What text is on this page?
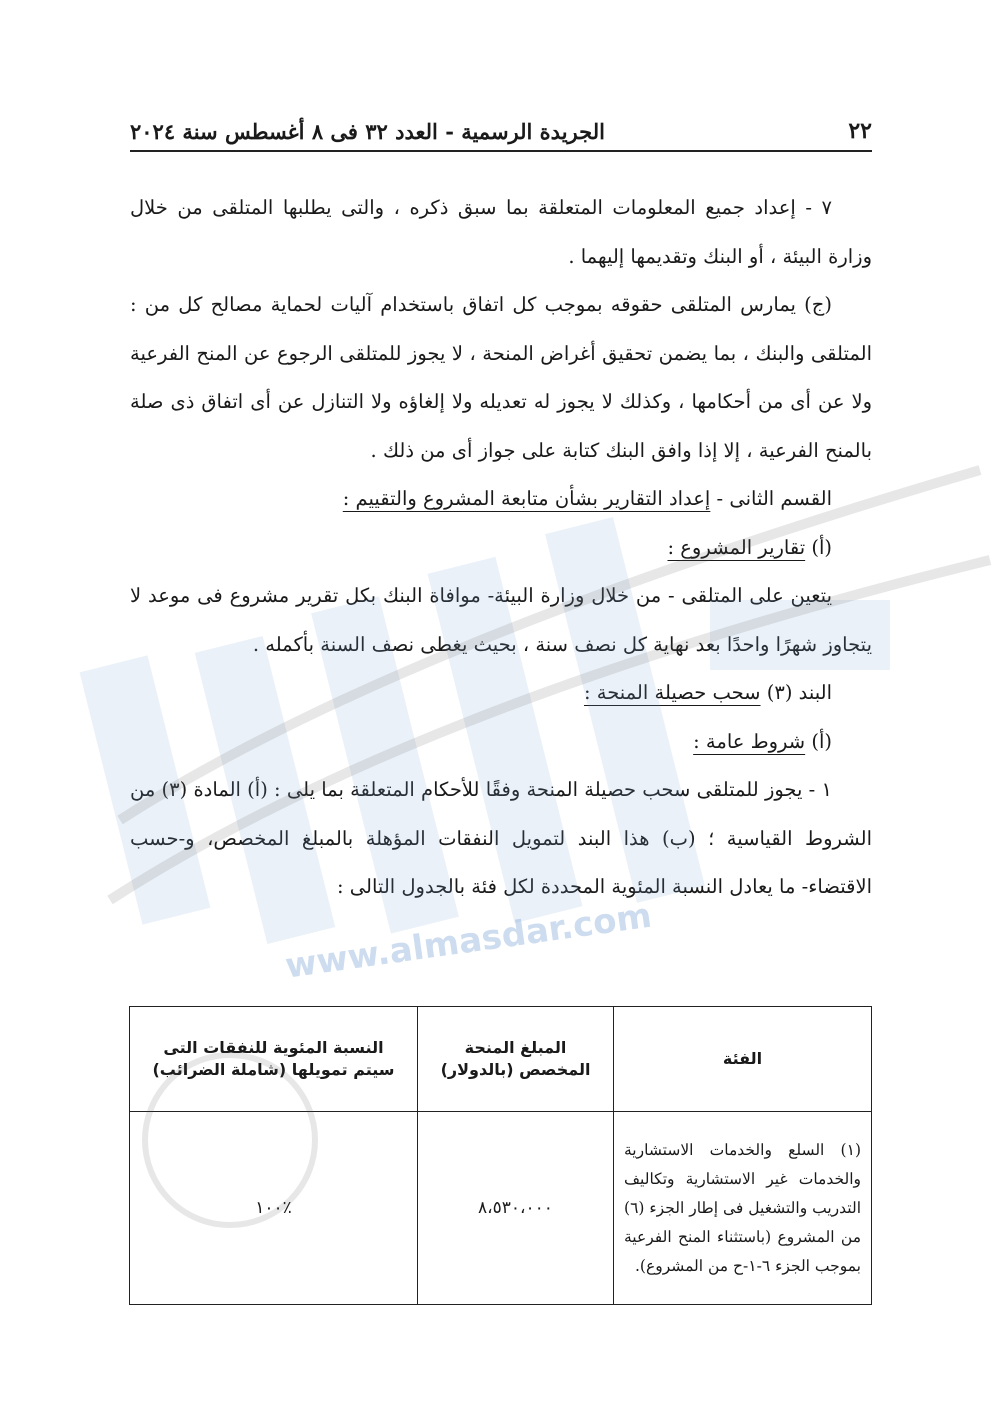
٢٢
الجريدة الرسمية - العدد ٣٢ فى ٨ أغسطس سنة ٢٠٢٤

٧ - إعداد جميع المعلومات المتعلقة بما سبق ذكره ، والتى يطلبها المتلقى من خلال وزارة البيئة ، أو البنك وتقديمها إليهما .

(ج) يمارس المتلقى حقوقه بموجب كل اتفاق باستخدام آليات لحماية مصالح كل من : المتلقى والبنك ، بما يضمن تحقيق أغراض المنحة ، لا يجوز للمتلقى الرجوع عن المنح الفرعية ولا عن أى من أحكامها ، وكذلك لا يجوز له تعديله ولا إلغاؤه ولا التنازل عن أى اتفاق ذى صلة بالمنح الفرعية ، إلا إذا وافق البنك كتابة على جواز أى من ذلك .

القسم الثانى - إعداد التقارير بشأن متابعة المشروع والتقييم :

(أ) تقارير المشروع :

يتعين على المتلقى - من خلال وزارة البيئة- موافاة البنك بكل تقرير مشروع فى موعد لا يتجاوز شهرًا واحدًا بعد نهاية كل نصف سنة ، بحيث يغطى نصف السنة بأكمله .

البند (٣) سحب حصيلة المنحة :

(أ) شروط عامة :

١ - يجوز للمتلقى سحب حصيلة المنحة وفقًا للأحكام المتعلقة بما يلى : (أ) المادة (٣) من الشروط القياسية ؛ (ب) هذا البند لتمويل النفقات المؤهلة بالمبلغ المخصص، و-حسب الاقتضاء- ما يعادل النسبة المئوية المحددة لكل فئة بالجدول التالى :

الفئة	المبلغ المنحة المخصص (بالدولار)	النسبة المئوية للنفقات التى سيتم تمويلها (شاملة الضرائب)
(١) السلع والخدمات الاستشارية والخدمات غير الاستشارية وتكاليف التدريب والتشغيل فى إطار الجزء (٦) من المشروع (باستثناء المنح الفرعية بموجب الجزء ٦-١-ح من المشروع).	٨،٥٣٠،٠٠٠	٪١٠٠
www.almasdar.com
